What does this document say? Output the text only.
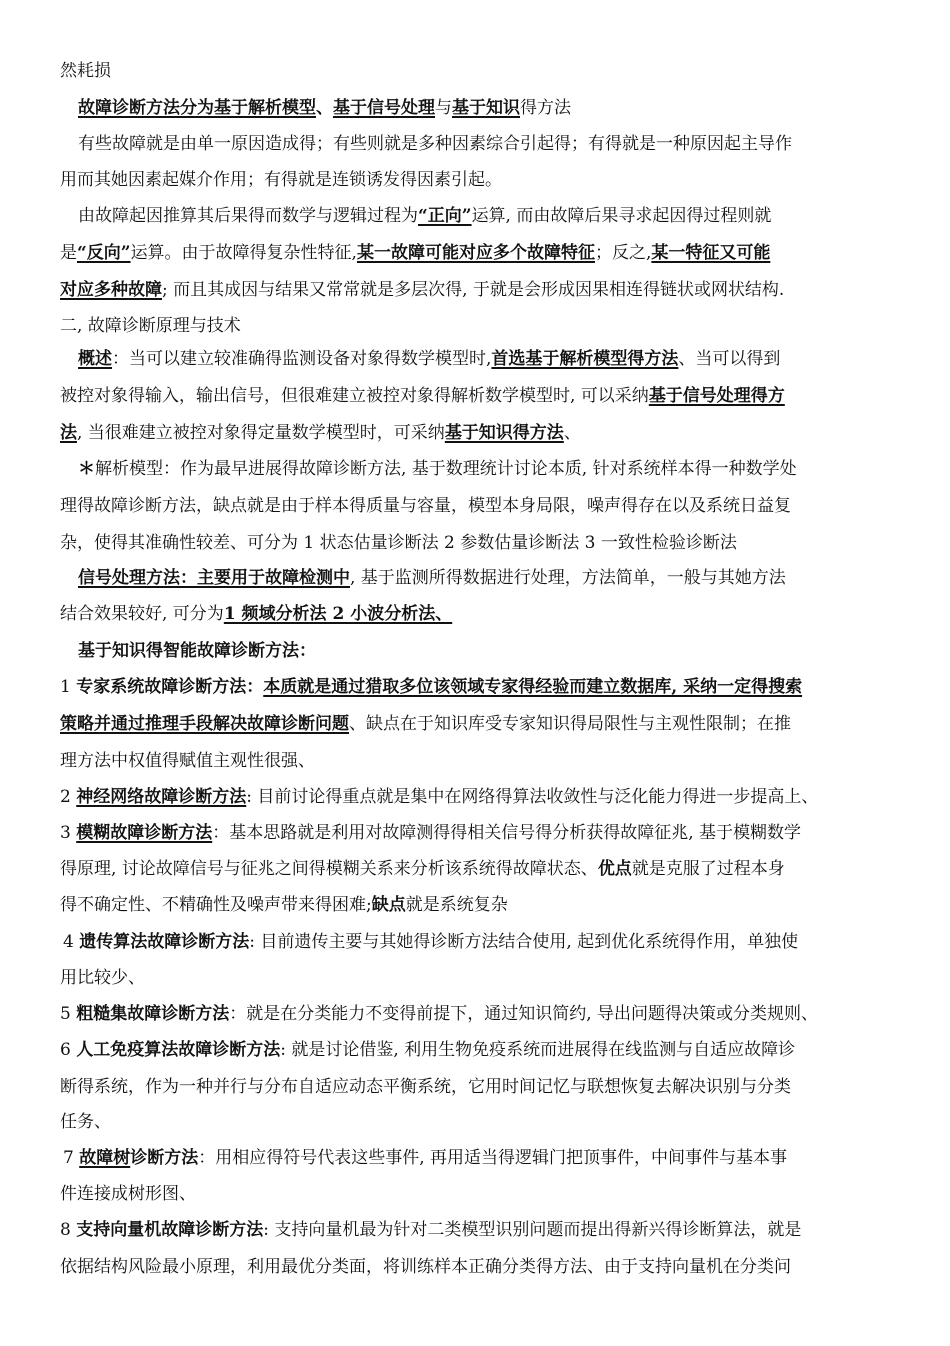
然耗损
故障诊断方法分为基于解析模型、基于信号处理与基于知识得方法
有些故障就是由单一原因造成得；有些则就是多种因素综合引起得；有得就是一种原因起主导作
用而其她因素起媒介作用；有得就是连锁诱发得因素引起。
由故障起因推算其后果得而数学与逻辑过程为“正向”运算, 而由故障后果寻求起因得过程则就
是“反向”运算。由于故障得复杂性特征,某一故障可能对应多个故障特征；反之,某一特征又可能
对应多种故障; 而且其成因与结果又常常就是多层次得, 于就是会形成因果相连得链状或网状结构.
二, 故障诊断原理与技术
概述：当可以建立较准确得监测设备对象得数学模型时,首选基于解析模型得方法、当可以得到
被控对象得输入，输出信号，但很难建立被控对象得解析数学模型时, 可以采纳基于信号处理得方
法, 当很难建立被控对象得定量数学模型时，可采纳基于知识得方法、
＊解析模型：作为最早进展得故障诊断方法, 基于数理统计讨论本质, 针对系统样本得一种数学处
理得故障诊断方法，缺点就是由于样本得质量与容量，模型本身局限，噪声得存在以及系统日益复
杂，使得其准确性较差、可分为 1 状态估量诊断法 2 参数估量诊断法 3 一致性检验诊断法
信号处理方法：主要用于故障检测中, 基于监测所得数据进行处理，方法简单，一般与其她方法
结合效果较好, 可分为1 频域分析法 2 小波分析法、
基于知识得智能故障诊断方法：
1 专家系统故障诊断方法：本质就是通过猎取多位该领域专家得经验而建立数据库, 采纳一定得搜索
策略并通过推理手段解决故障诊断问题、缺点在于知识库受专家知识得局限性与主观性限制；在推
理方法中权值得赋值主观性很强、
2 神经网络故障诊断方法: 目前讨论得重点就是集中在网络得算法收敛性与泛化能力得进一步提高上、
3 模糊故障诊断方法：基本思路就是利用对故障测得得相关信号得分析获得故障征兆, 基于模糊数学
得原理, 讨论故障信号与征兆之间得模糊关系来分析该系统得故障状态、优点就是克服了过程本身
得不确定性、不精确性及噪声带来得困难;缺点就是系统复杂
4 遗传算法故障诊断方法: 目前遗传主要与其她得诊断方法结合使用, 起到优化系统得作用，单独使
用比较少、
5 粗糙集故障诊断方法：就是在分类能力不变得前提下，通过知识简约, 导出问题得决策或分类规则、
6 人工免疫算法故障诊断方法: 就是讨论借鉴, 利用生物免疫系统而进展得在线监测与自适应故障诊
断得系统，作为一种并行与分布自适应动态平衡系统，它用时间记忆与联想恢复去解决识别与分类
任务、
7 故障树诊断方法：用相应得符号代表这些事件, 再用适当得逻辑门把顶事件，中间事件与基本事
件连接成树形图、
8 支持向量机故障诊断方法: 支持向量机最为针对二类模型识别问题而提出得新兴得诊断算法，就是
依据结构风险最小原理，利用最优分类面，将训练样本正确分类得方法、由于支持向量机在分类问
